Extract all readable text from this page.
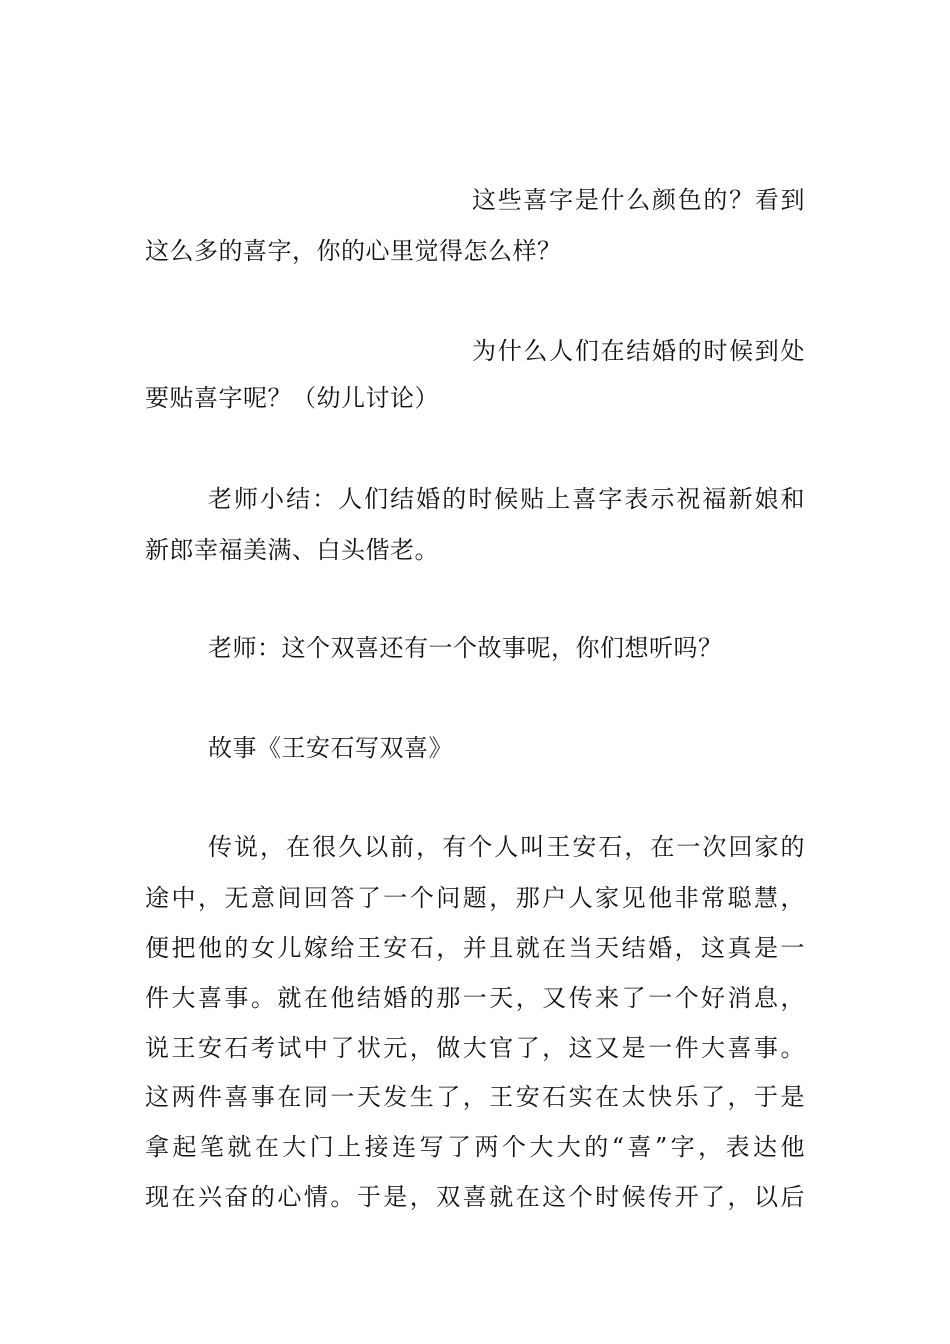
这些喜字是什么颜色的？看到
这么多的喜字，你的心里觉得怎么样？
为什么人们在结婚的时候到处
要贴喜字呢？（幼儿讨论）
老师小结：人们结婚的时候贴上喜字表示祝福新娘和
新郎幸福美满、白头偕老。
老师：这个双喜还有一个故事呢，你们想听吗？
故事《王安石写双喜》
传说，在很久以前，有个人叫王安石，在一次回家的
途中，无意间回答了一个问题，那户人家见他非常聪慧，
便把他的女儿嫁给王安石，并且就在当天结婚，这真是一
件大喜事。就在他结婚的那一天，又传来了一个好消息，
说王安石考试中了状元，做大官了，这又是一件大喜事。
这两件喜事在同一天发生了，王安石实在太快乐了，于是
拿起笔就在大门上接连写了两个大大的“喜”字，表达他
现在兴奋的心情。于是，双喜就在这个时候传开了，以后
